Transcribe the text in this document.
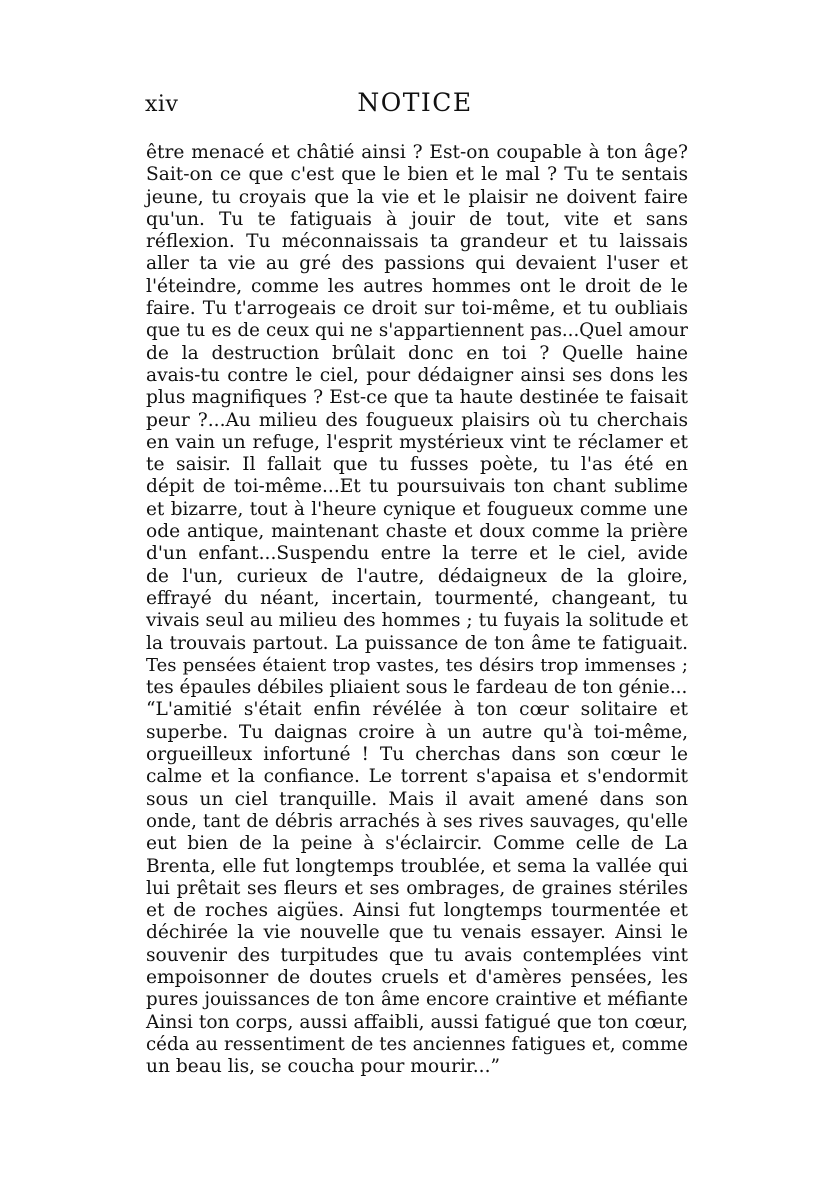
xiv	NOTICE
être menacé et châtié ainsi ? Est-on coupable à ton âge?
Sait-on ce que c'est que le bien et le mal ? Tu te sentais
jeune, tu croyais que la vie et le plaisir ne doivent faire
qu'un. Tu te fatiguais à jouir de tout, vite et sans
réflexion. Tu méconnaissais ta grandeur et tu laissais
aller ta vie au gré des passions qui devaient l'user et
l'éteindre, comme les autres hommes ont le droit de le
faire. Tu t'arrogeais ce droit sur toi-même, et tu oubliais
que tu es de ceux qui ne s'appartiennent pas...Quel amour
de la destruction brûlait donc en toi ? Quelle haine
avais-tu contre le ciel, pour dédaigner ainsi ses dons les
plus magnifiques ? Est-ce que ta haute destinée te faisait
peur ?...Au milieu des fougueux plaisirs où tu cherchais
en vain un refuge, l'esprit mystérieux vint te réclamer et
te saisir. Il fallait que tu fusses poète, tu l'as été en
dépit de toi-même...Et tu poursuivais ton chant sublime
et bizarre, tout à l'heure cynique et fougueux comme une
ode antique, maintenant chaste et doux comme la prière
d'un enfant...Suspendu entre la terre et le ciel, avide
de l'un, curieux de l'autre, dédaigneux de la gloire,
effrayé du néant, incertain, tourmenté, changeant, tu
vivais seul au milieu des hommes ; tu fuyais la solitude et
la trouvais partout. La puissance de ton âme te fatiguait.
Tes pensées étaient trop vastes, tes désirs trop immenses ;
tes épaules débiles pliaient sous le fardeau de ton génie...
“L'amitié s'était enfin révélée à ton cœur solitaire et
superbe. Tu daignas croire à un autre qu'à toi-même,
orgueilleux infortuné ! Tu cherchas dans son cœur le
calme et la confiance. Le torrent s'apaisa et s'endormit
sous un ciel tranquille. Mais il avait amené dans son
onde, tant de débris arrachés à ses rives sauvages, qu'elle
eut bien de la peine à s'éclaircir. Comme celle de La
Brenta, elle fut longtemps troublée, et sema la vallée qui
lui prêtait ses fleurs et ses ombrages, de graines stériles
et de roches aigües. Ainsi fut longtemps tourmentée et
déchirée la vie nouvelle que tu venais essayer. Ainsi le
souvenir des turpitudes que tu avais contemplées vint
empoisonner de doutes cruels et d'amères pensées, les
pures jouissances de ton âme encore craintive et méfiante
Ainsi ton corps, aussi affaibli, aussi fatigué que ton cœur,
céda au ressentiment de tes anciennes fatigues et, comme
un beau lis, se coucha pour mourir...”
